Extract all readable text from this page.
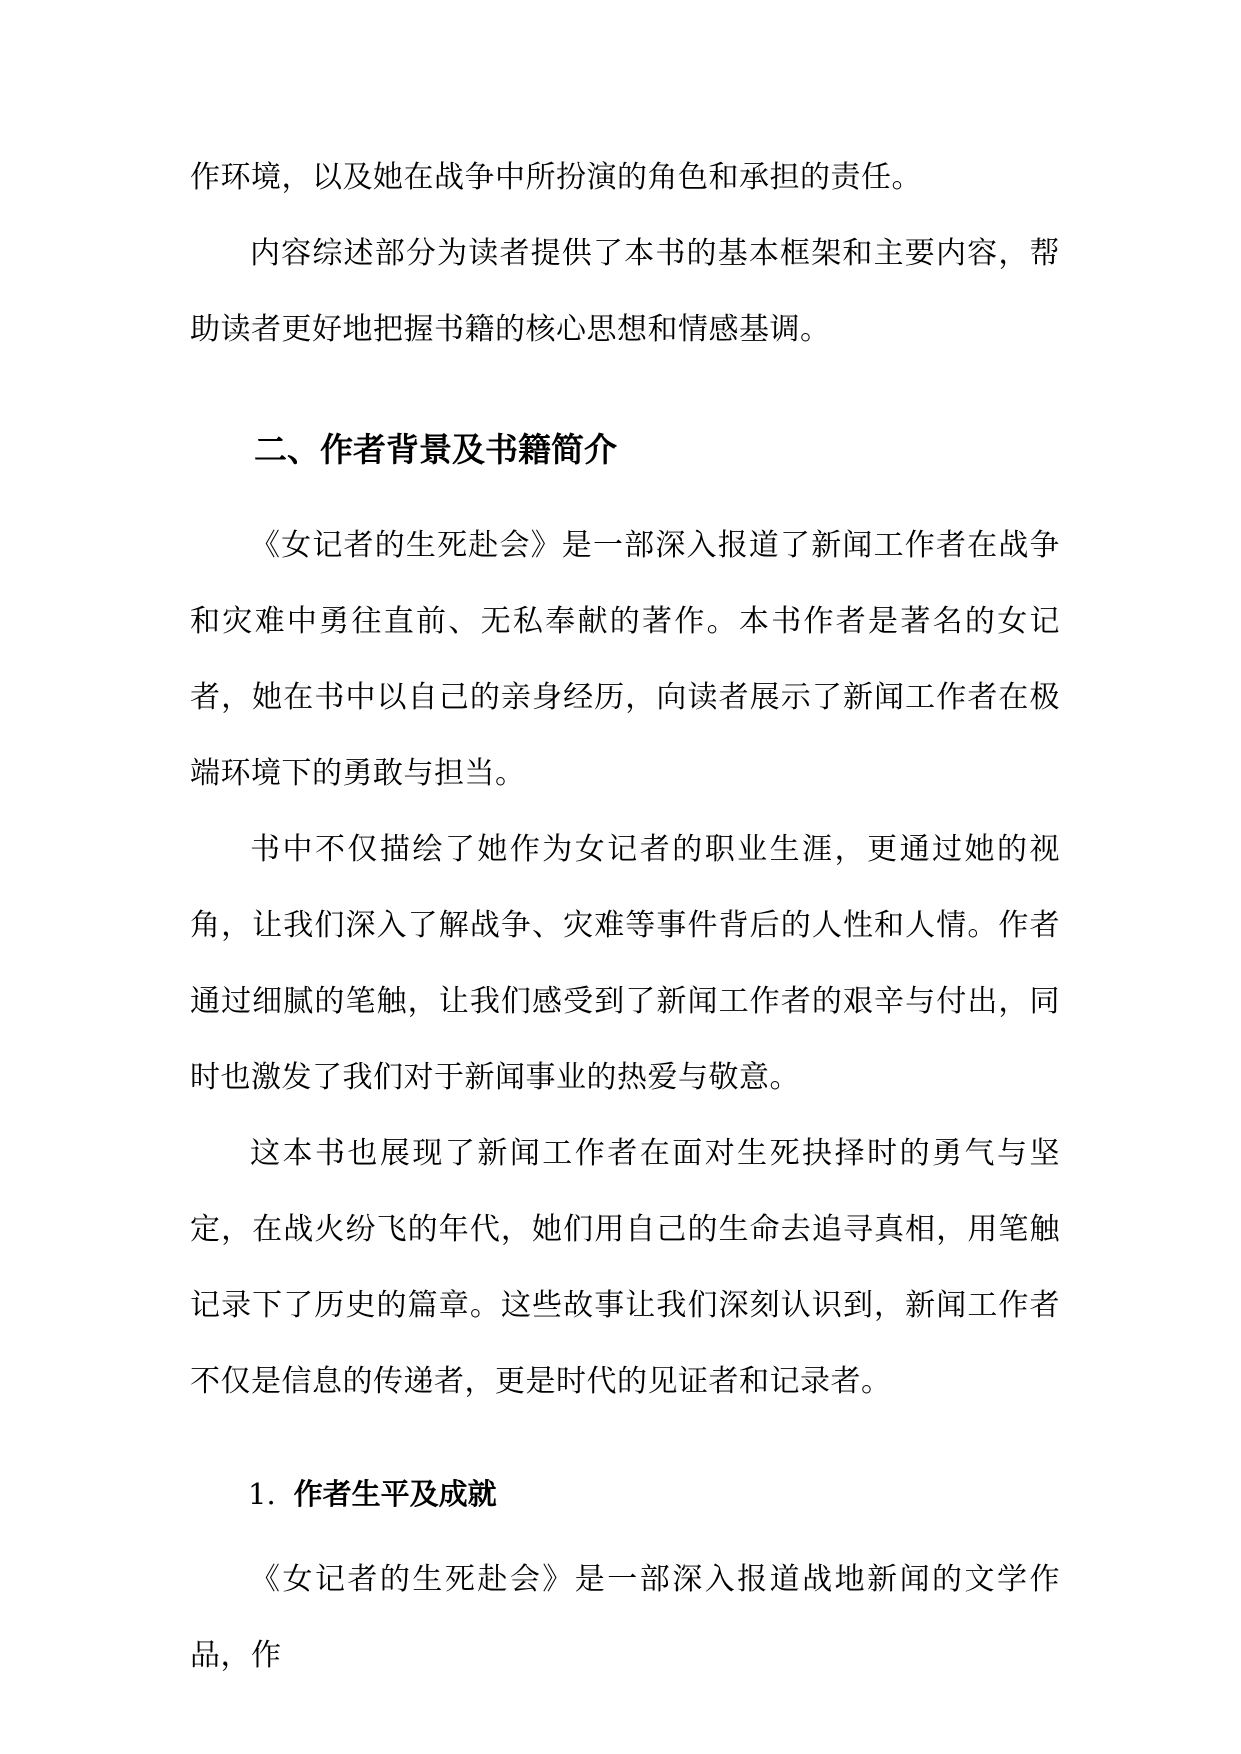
作环境，以及她在战争中所扮演的角色和承担的责任。

内容综述部分为读者提供了本书的基本框架和主要内容，帮助读者更好地把握书籍的核心思想和情感基调。

二、作者背景及书籍简介

《女记者的生死赴会》是一部深入报道了新闻工作者在战争和灾难中勇往直前、无私奉献的著作。本书作者是著名的女记者，她在书中以自己的亲身经历，向读者展示了新闻工作者在极端环境下的勇敢与担当。

书中不仅描绘了她作为女记者的职业生涯，更通过她的视角，让我们深入了解战争、灾难等事件背后的人性和人情。作者通过细腻的笔触，让我们感受到了新闻工作者的艰辛与付出，同时也激发了我们对于新闻事业的热爱与敬意。

这本书也展现了新闻工作者在面对生死抉择时的勇气与坚定，在战火纷飞的年代，她们用自己的生命去追寻真相，用笔触记录下了历史的篇章。这些故事让我们深刻认识到，新闻工作者不仅是信息的传递者，更是时代的见证者和记录者。

1. 作者生平及成就

《女记者的生死赴会》是一部深入报道战地新闻的文学作品，作
